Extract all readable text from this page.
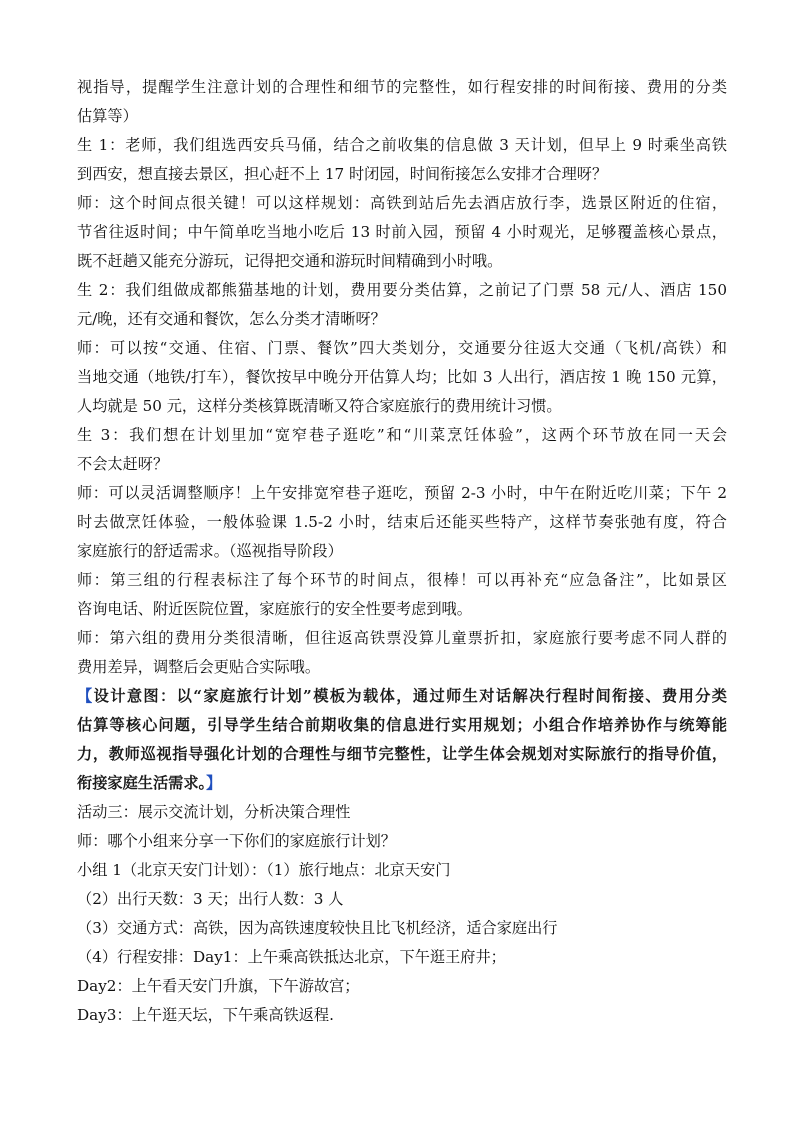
视指导，提醒学生注意计划的合理性和细节的完整性，如行程安排的时间衔接、费用的分类
估算等）
生 1：老师，我们组选西安兵马俑，结合之前收集的信息做 3 天计划，但早上 9 时乘坐高铁
到西安，想直接去景区，担心赶不上 17 时闭园，时间衔接怎么安排才合理呀？
师：这个时间点很关键！可以这样规划：高铁到站后先去酒店放行李，选景区附近的住宿，
节省往返时间；中午简单吃当地小吃后 13 时前入园，预留 4 小时观光，足够覆盖核心景点，
既不赶趟又能充分游玩，记得把交通和游玩时间精确到小时哦。
生 2：我们组做成都熊猫基地的计划，费用要分类估算，之前记了门票 58 元/人、酒店 150
元/晚，还有交通和餐饮，怎么分类才清晰呀？
师：可以按“交通、住宿、门票、餐饮”四大类划分，交通要分往返大交通（飞机/高铁）和
当地交通（地铁/打车），餐饮按早中晚分开估算人均；比如 3 人出行，酒店按 1 晚 150 元算，
人均就是 50 元，这样分类核算既清晰又符合家庭旅行的费用统计习惯。
生 3：我们想在计划里加“宽窄巷子逛吃”和“川菜烹饪体验”，这两个环节放在同一天会
不会太赶呀？
师：可以灵活调整顺序！上午安排宽窄巷子逛吃，预留 2-3 小时，中午在附近吃川菜；下午 2
时去做烹饪体验，一般体验课 1.5-2 小时，结束后还能买些特产，这样节奏张弛有度，符合
家庭旅行的舒适需求。（巡视指导阶段）
师：第三组的行程表标注了每个环节的时间点，很棒！可以再补充“应急备注”，比如景区
咨询电话、附近医院位置，家庭旅行的安全性要考虑到哦。
师：第六组的费用分类很清晰，但往返高铁票没算儿童票折扣，家庭旅行要考虑不同人群的
费用差异，调整后会更贴合实际哦。
【设计意图：以“家庭旅行计划”模板为载体，通过师生对话解决行程时间衔接、费用分类
估算等核心问题，引导学生结合前期收集的信息进行实用规划；小组合作培养协作与统筹能
力，教师巡视指导强化计划的合理性与细节完整性，让学生体会规划对实际旅行的指导价值，
衔接家庭生活需求。】
活动三：展示交流计划，分析决策合理性
师：哪个小组来分享一下你们的家庭旅行计划？
小组 1（北京天安门计划）：（1）旅行地点：北京天安门
（2）出行天数：3 天；出行人数：3 人
（3）交通方式：高铁，因为高铁速度较快且比飞机经济，适合家庭出行
（4）行程安排：Day1：上午乘高铁抵达北京，下午逛王府井；
Day2：上午看天安门升旗，下午游故宫；
Day3：上午逛天坛，下午乘高铁返程.
